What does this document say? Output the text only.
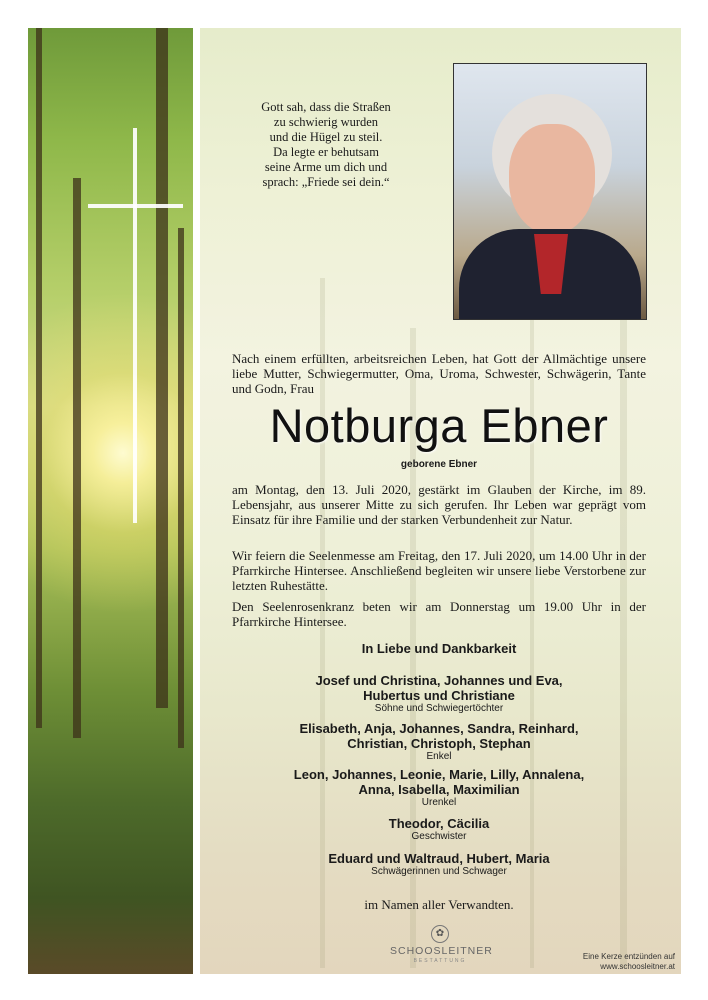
Gott sah, dass die Straßen
zu schwierig wurden
und die Hügel zu steil.
Da legte er behutsam
seine Arme um dich und
sprach: „Friede sei dein.“
Nach einem erfüllten, arbeitsreichen Leben, hat Gott der Allmächtige unsere liebe Mutter, Schwiegermutter, Oma, Uroma, Schwester, Schwägerin, Tante und Godn, Frau
Notburga Ebner
geborene Ebner
am Montag, den 13. Juli 2020, gestärkt im Glauben der Kirche, im 89. Lebensjahr, aus unserer Mitte zu sich gerufen. Ihr Leben war geprägt vom Einsatz für ihre Familie und der starken Verbundenheit zur Natur.
Wir feiern die Seelenmesse am Freitag, den 17. Juli 2020, um 14.00 Uhr in der Pfarrkirche Hintersee. Anschließend begleiten wir unsere liebe Verstorbene zur letzten Ruhestätte.
Den Seelenrosenkranz beten wir am Donnerstag um 19.00 Uhr in der Pfarrkirche Hintersee.
In Liebe und Dankbarkeit
Josef und Christina, Johannes und Eva,
Hubertus und Christiane
Söhne und Schwiegertöchter
Elisabeth, Anja, Johannes, Sandra, Reinhard,
Christian, Christoph, Stephan
Enkel
Leon, Johannes, Leonie, Marie, Lilly, Annalena,
Anna, Isabella, Maximilian
Urenkel
Theodor, Cäcilia
Geschwister
Eduard und Waltraud, Hubert, Maria
Schwägerinnen und Schwager
im Namen aller Verwandten.
✿
SCHOOSLEITNER
BESTATTUNG	Eine Kerze entzünden auf
www.schoosleitner.at
